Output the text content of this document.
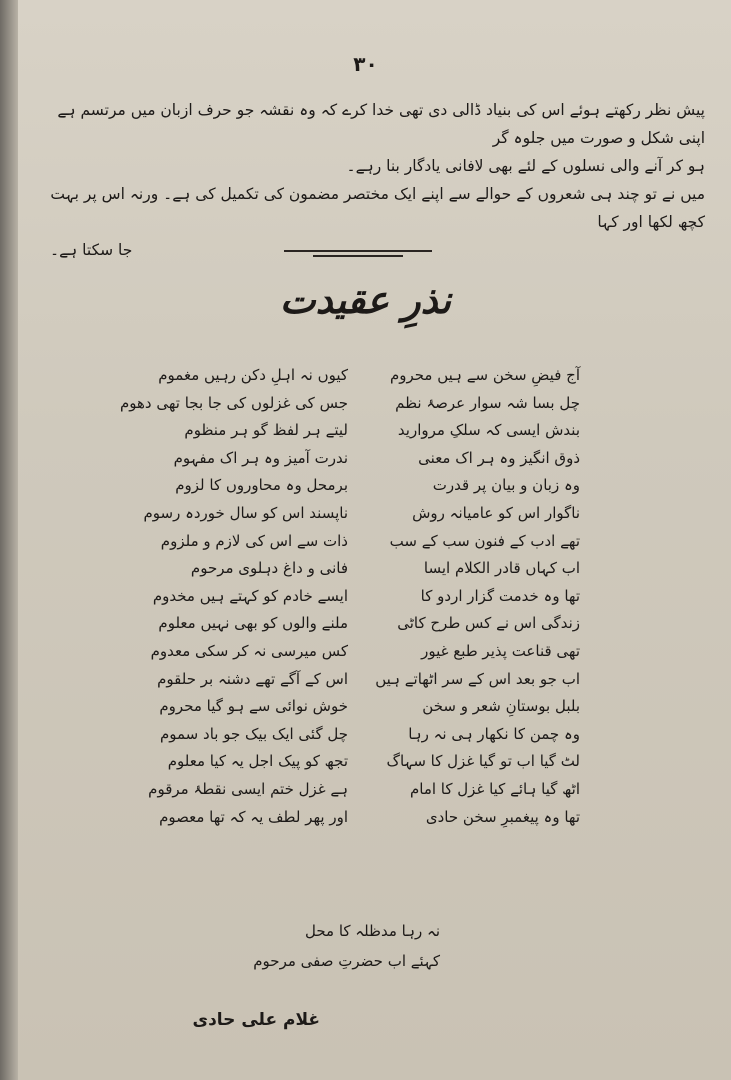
۳۰

پیش نظر رکھتے ہوئے اس کی بنیاد ڈالی دی تھی خدا کرے کہ وہ نقشہ جو حرف ازبان میں مرتسم ہے اپنی شکل و صورت میں جلوہ گر

ہو کر آنے والی نسلوں کے لئے بھی لافانی یادگار بنا رہے۔

میں نے تو چند ہی شعروں کے حوالے سے اپنے ایک مختصر مضمون کی تکمیل کی ہے۔ ورنہ اس پر بہت کچھ لکھا اور کہا

جا سکتا ہے۔

نذرِ عقیدت
آج فیضِ سخن سے ہیں محروم
چل بسا شہ سوار عرصۂ نظم
بندش ایسی کہ سلکِ مروارید
ذوق انگیز وہ ہر اک معنی
وہ زبان و بیان پر قدرت
ناگوار اس کو عامیانہ روش
تھے ادب کے فنون سب کے سب
اب کہاں قادر الکلام ایسا
تھا وہ خدمت گزار اردو کا
زندگی اس نے کس طرح کاٹی
تھی قناعت پذیر طبع غیور
اب جو بعد اس کے سر اٹھاتے ہیں
بلبل بوستانِ شعر و سخن
وہ چمن کا نکھار ہی نہ رہا
لٹ گیا اب تو گیا غزل کا سہاگ
اٹھ گیا ہائے کیا غزل کا امام
تھا وہ پیغمبرِ سخن حادی
کیوں نہ اہلِ دکن رہیں مغموم
جس کی غزلوں کی جا بجا تھی دھوم
لیتے ہر لفظ گو ہر منظوم
ندرت آمیز وہ ہر اک مفہوم
برمحل وہ محاوروں کا لزوم
ناپسند اس کو سال خوردہ رسوم
ذات سے اس کی لازم و ملزوم
فانی و داغ دہلوی مرحوم
ایسے خادم کو کہتے ہیں مخدوم
ملنے والوں کو بھی نہیں معلوم
کس میرسی نہ کر سکی معدوم
اس کے آگے تھے دشنہ بر حلقوم
خوش نوائی سے ہو گیا محروم
چل گئی ایک بیک جو باد سموم
تجھ کو پیک اجل یہ کیا معلوم
ہے غزل ختم ایسی نقطۂ مرقوم
اور پھر لطف یہ کہ تھا معصوم
نہ رہا مدظلہ کا محل
کہئے اب حضرتِ صفی مرحوم
غلام علی حادی
